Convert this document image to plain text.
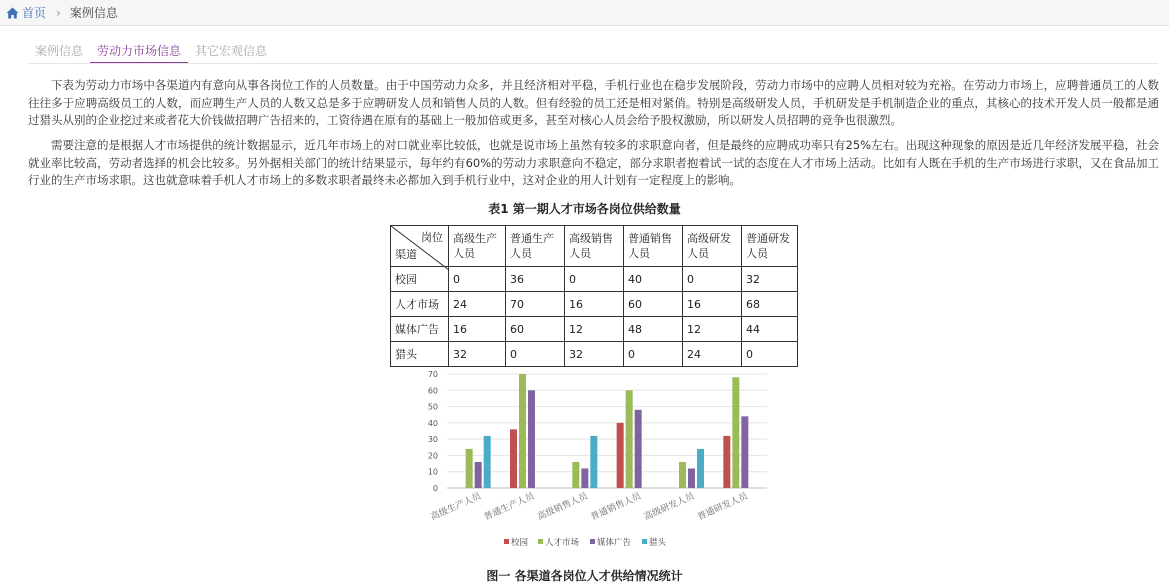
首页 › 案例信息
案例信息	劳动力市场信息	其它宏观信息

下表为劳动力市场中各渠道内有意向从事各岗位工作的人员数量。由于中国劳动力众多，并且经济相对平稳，手机行业也在稳步发展阶段，劳动力市场中的应聘人员相对较为充裕。在劳动力市场上，应聘普通员工的人数往往多于应聘高级员工的人数，而应聘生产人员的人数又总是多于应聘研发人员和销售人员的人数。但有经验的员工还是相对紧俏。特别是高级研发人员，手机研发是手机制造企业的重点，其核心的技术开发人员一般都是通过猎头从别的企业挖过来或者花大价钱做招聘广告招来的，工资待遇在原有的基础上一般加倍或更多，甚至对核心人员会给予股权激励，所以研发人员招聘的竞争也很激烈。

需要注意的是根据人才市场提供的统计数据显示，近几年市场上的对口就业率比较低，也就是说市场上虽然有较多的求职意向者，但是最终的应聘成功率只有25%左右。出现这种现象的原因是近几年经济发展平稳，社会就业率比较高，劳动者选择的机会比较多。另外据相关部门的统计结果显示，每年约有60%的劳动力求职意向不稳定，部分求职者抱着试一试的态度在人才市场上活动。比如有人既在手机的生产市场进行求职，又在食品加工行业的生产市场求职。这也就意味着手机人才市场上的多数求职者最终未必都加入到手机行业中，这对企业的用人计划有一定程度上的影响。

表1 第一期人才市场各岗位供给数量
岗位
渠道	高级生产人员	普通生产人员	高级销售人员	普通销售人员	高级研发人员	普通研发人员
校园	0	36	0	40	0	32
人才市场	24	70	16	60	16	68
媒体广告	16	60	12	48	12	44
猎头	32	0	32	0	24	0
0
10
20
30
40
50
60
70
高级生产人员 普通生产人员 高级销售人员 普通销售人员 高级研发人员 普通研发人员
校园 人才市场 媒体广告 猎头
图一 各渠道各岗位人才供给情况统计
